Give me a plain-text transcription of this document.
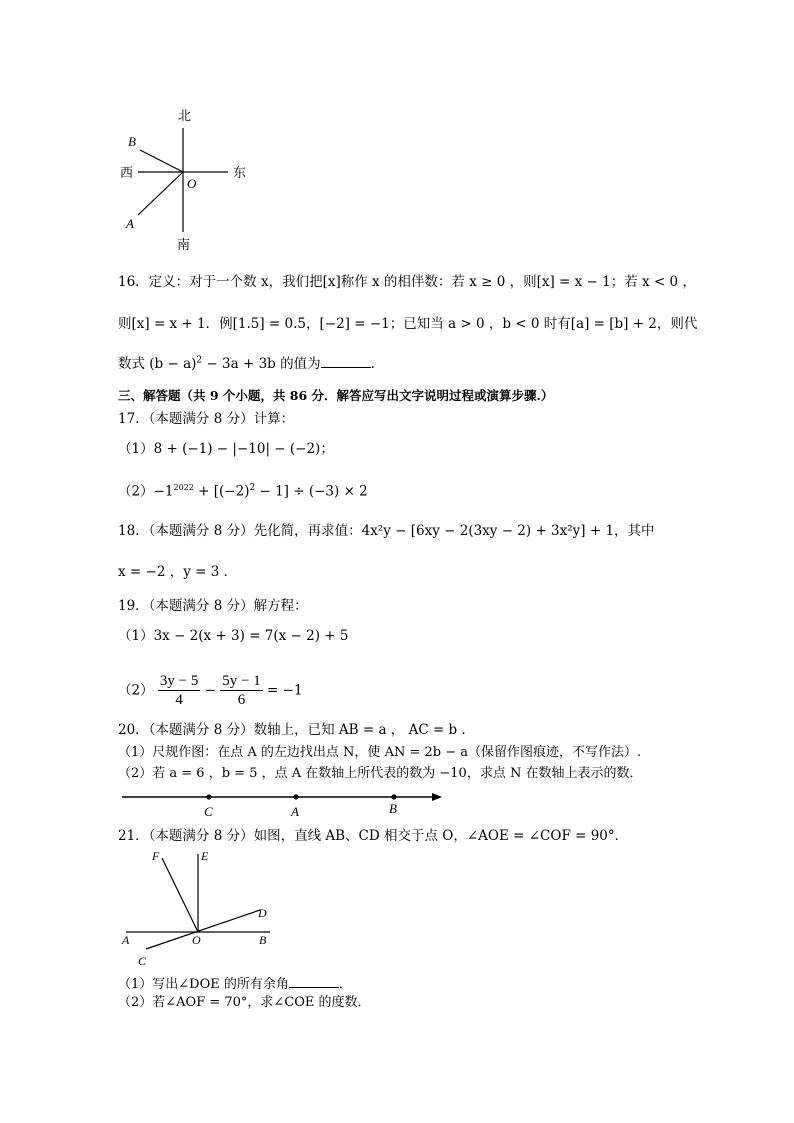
北
南
东
西
B
A
O
16．定义：对于一个数 x，我们把[x]称作 x 的相伴数：若 x ≥ 0 ，则[x] = x − 1；若 x < 0 ，
则[x] = x + 1．例[1.5] = 0.5，[−2] = −1；已知当 a > 0 ，b < 0 时有[a] = [b] + 2，则代
数式 $(b - a)^2 - 3a + 3b$ 的值为	．
三、解答题（共 9 个小题，共 86 分．解答应写出文字说明过程或演算步骤.）
17．（本题满分 8 分）计算：
（1）8 + (−1) − |−10| − (−2)；
$(2)-1^{2022} + [(-2)^2 - 1] \div (-3) \times 2$
18．（本题满分 8 分）先化简，再求值：4x²y − [6xy − 2(3xy − 2) + 3x²y] + 1，其中
x = −2 ，y = 3 ．
19．（本题满分 8 分）解方程：
（1）3x − 2(x + 3) = 7(x − 2) + 5
$(2) \frac{3y - 5}{4} - \frac{5y - 1}{6} = -1$
20．（本题满分 8 分）数轴上，已知 AB = a ， AC = b ．
（1）尺规作图：在点 A 的左边找出点 N，使 AN = 2b − a（保留作图痕迹，不写作法）.
（2）若 a = 6 ，b = 5 ，点 A 在数轴上所代表的数为 −10，求点 N 在数轴上表示的数．
C	A	B
21．（本题满分 8 分）如图，直线 AB、CD 相交于点 O，∠AOE = ∠COF = 90°．
F	E
D
A	O	B
C
（1）写出∠DOE 的所有余角	．
（2）若∠AOF = 70°，求∠COE 的度数．
